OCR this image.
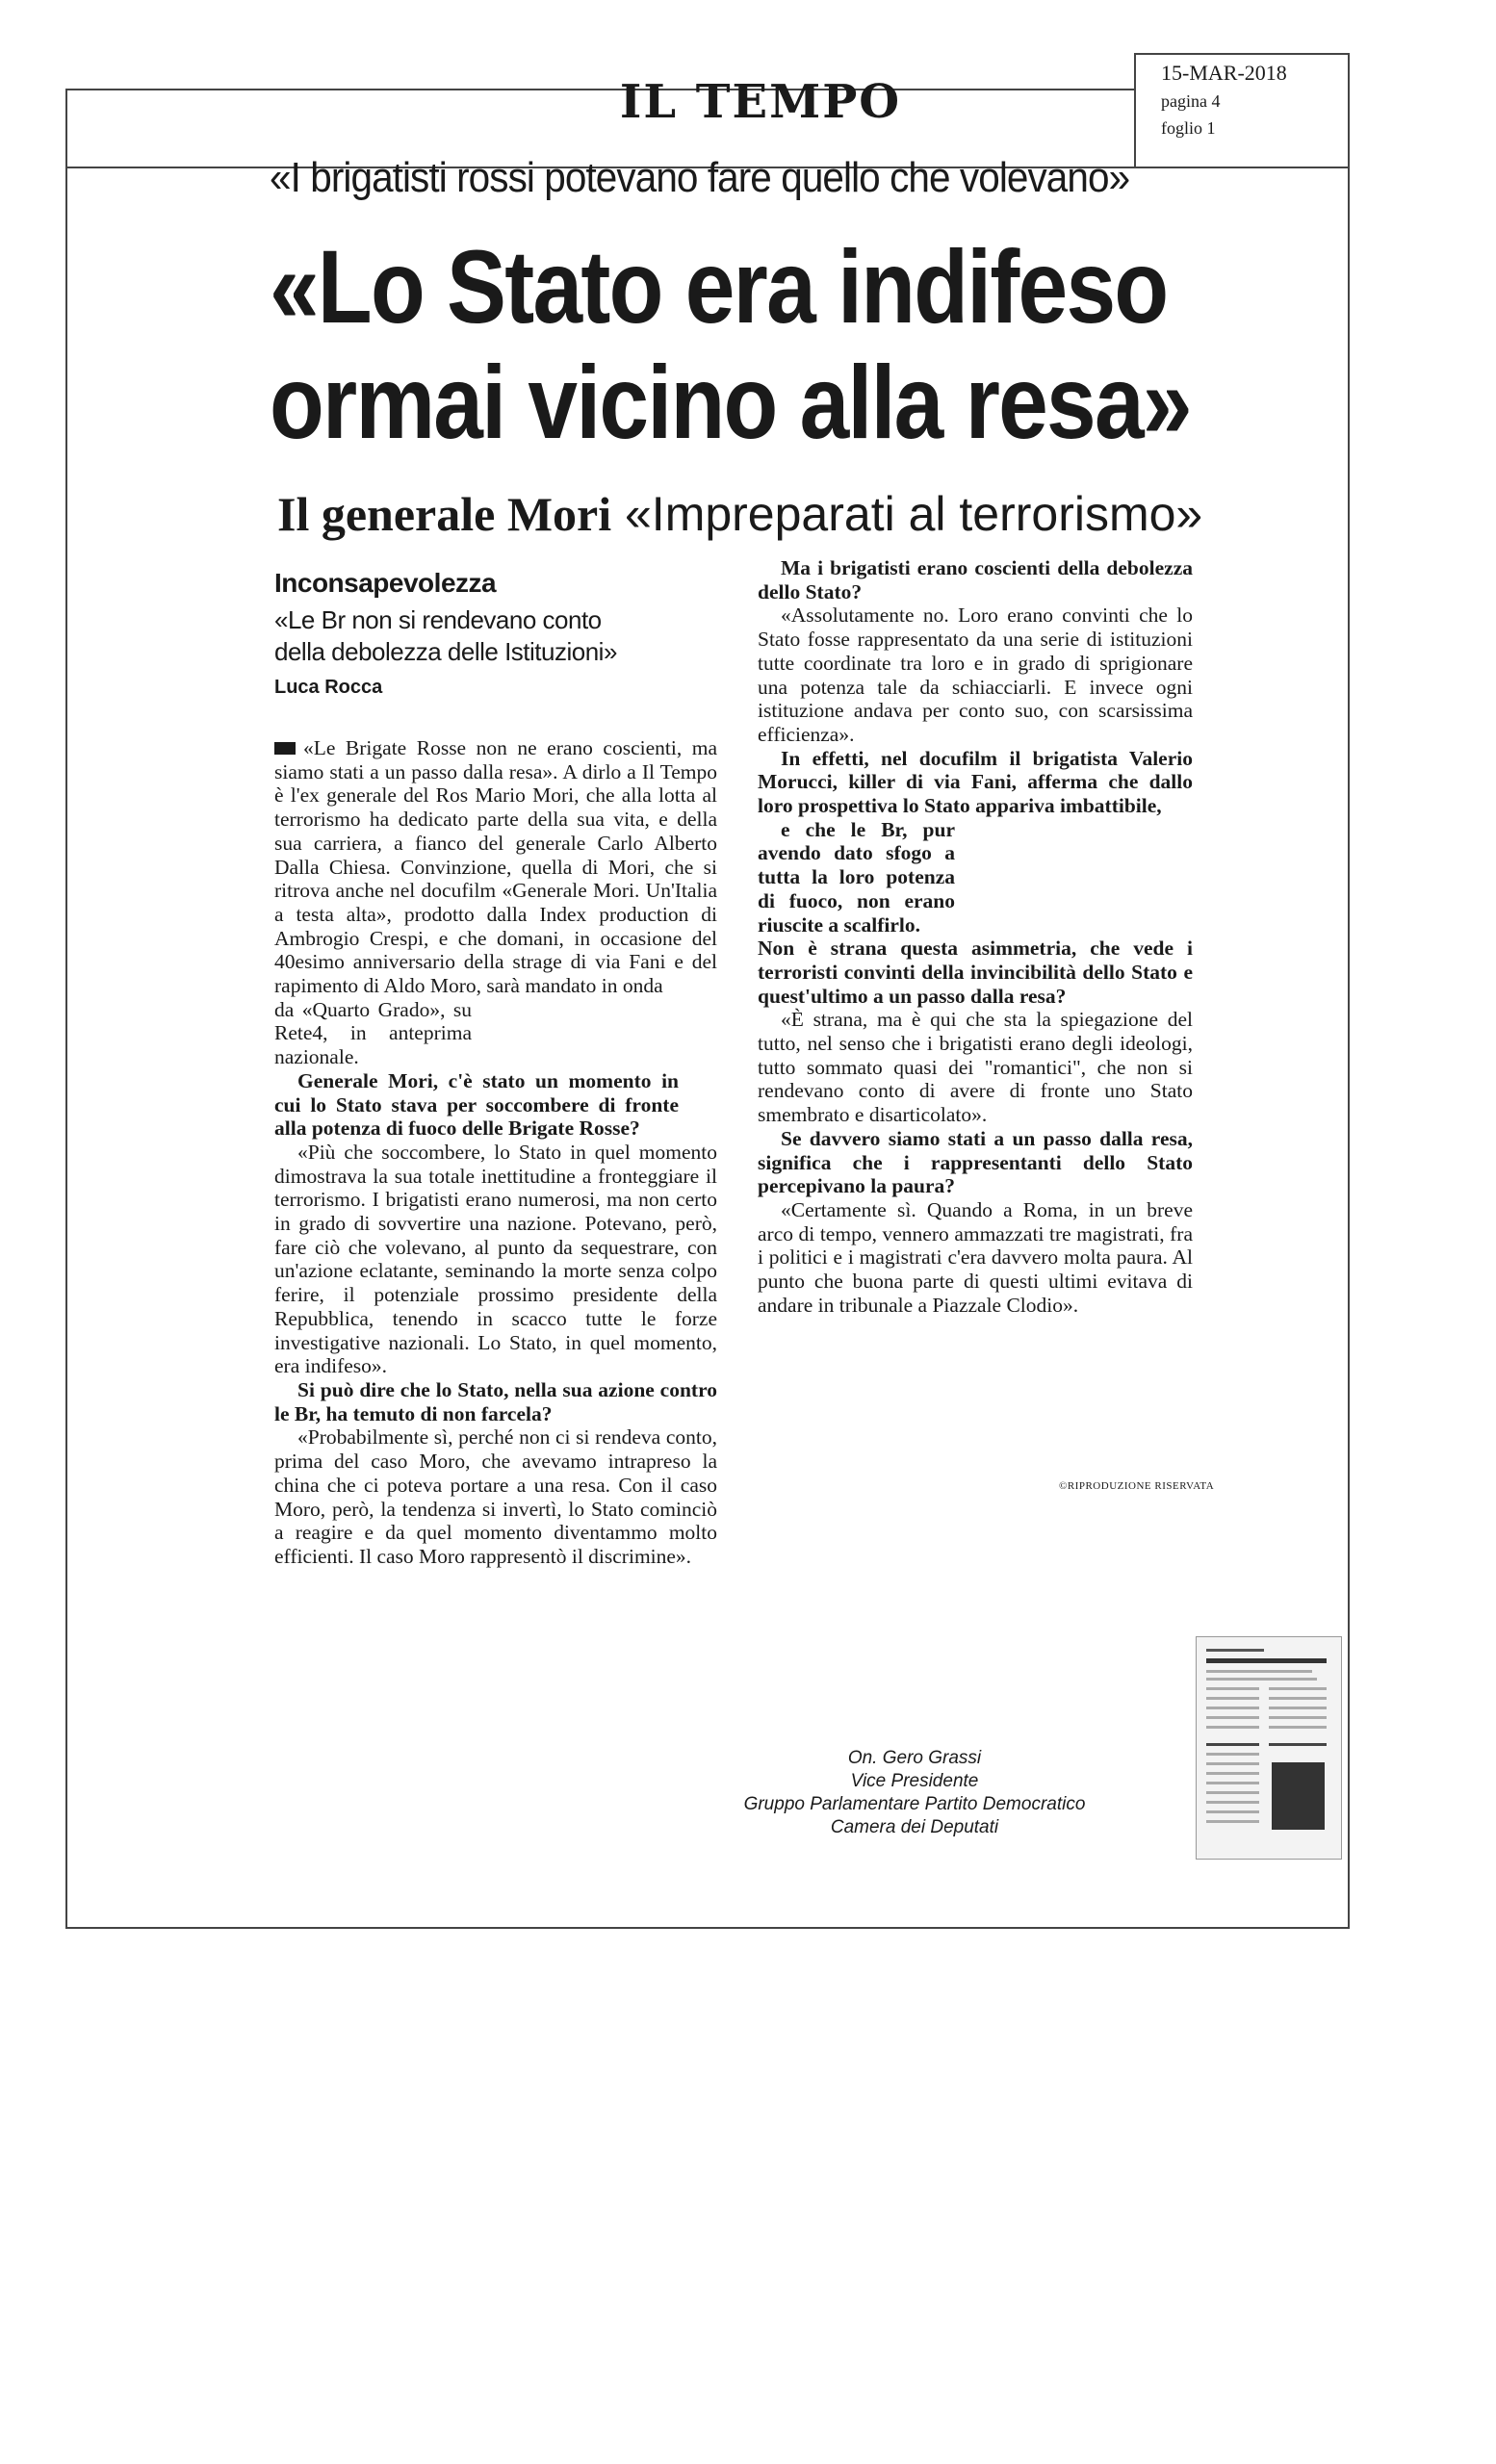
IL TEMPO
15-MAR-2018
pagina 4
foglio 1
«I brigatisti rossi potevano fare quello che volevano»
«Lo Stato era indifeso
ormai vicino alla resa»
Il generale Mori «Impreparati al terrorismo»
Inconsapevolezza
«Le Br non si rendevano conto
della debolezza delle Istituzioni»
Luca Rocca

«Le Brigate Rosse non ne erano coscienti, ma siamo stati a un passo dalla resa». A dirlo a Il Tempo è l'ex generale del Ros Mario Mori, che alla lotta al terrorismo ha dedicato parte della sua vita, e della sua carriera, a fianco del generale Carlo Alberto Dalla Chiesa. Convinzione, quella di Mori, che si ritrova anche nel docufilm «Generale Mori. Un'Italia a testa alta», prodotto dalla Index production di Ambrogio Crespi, e che domani, in occasione del 40esimo anniversario della strage di via Fani e del rapimento di Aldo Moro, sarà mandato in onda

da «Quarto Grado», su Rete4, in anteprima nazionale.

Generale Mori, c'è stato un momento in cui lo Stato stava per soccombere di fronte alla potenza di fuoco delle Brigate Rosse?

«Più che soccombere, lo Stato in quel momento dimostrava la sua totale inettitudine a fronteggiare il terrorismo. I brigatisti erano numerosi, ma non certo in grado di sovvertire una nazione. Potevano, però, fare ciò che volevano, al punto da sequestrare, con un'azione eclatante, seminando la morte senza colpo ferire, il potenziale prossimo presidente della Repubblica, tenendo in scacco tutte le forze investigative nazionali. Lo Stato, in quel momento, era indifeso».

Si può dire che lo Stato, nella sua azione contro le Br, ha temuto di non farcela?

«Probabilmente sì, perché non ci si rendeva conto, prima del caso Moro, che avevamo intrapreso la china che ci poteva portare a una resa. Con il caso Moro, però, la tendenza si invertì, lo Stato cominciò a reagire e da quel momento diventammo molto efficienti. Il caso Moro rappresentò il discrimine».

Ma i brigatisti erano coscienti della debolezza dello Stato?

«Assolutamente no. Loro erano convinti che lo Stato fosse rappresentato da una serie di istituzioni tutte coordinate tra loro e in grado di sprigionare una potenza tale da schiacciarli. E invece ogni istituzione andava per conto suo, con scarsissima efficienza».

In effetti, nel docufilm il brigatista Valerio Morucci, killer di via Fani, afferma che dallo loro prospettiva lo Stato appariva imbattibile,

e che le Br, pur avendo dato sfogo a tutta la loro potenza di fuoco, non erano riuscite a scalfirlo.

Non è strana questa asimmetria, che vede i terroristi convinti della invincibilità dello Stato e quest'ultimo a un passo dalla resa?

«È strana, ma è qui che sta la spiegazione del tutto, nel senso che i brigatisti erano degli ideologi, tutto sommato quasi dei "romantici", che non si rendevano conto di avere di fronte uno Stato smembrato e disarticolato».

Se davvero siamo stati a un passo dalla resa, significa che i rappresentanti dello Stato percepivano la paura?

«Certamente sì. Quando a Roma, in un breve arco di tempo, vennero ammazzati tre magistrati, fra i politici e i magistrati c'era davvero molta paura. Al punto che buona parte di questi ultimi evitava di andare in tribunale a Piazzale Clodio».

©RIPRODUZIONE RISERVATA
On. Gero Grassi
Vice Presidente
Gruppo Parlamentare Partito Democratico
Camera dei Deputati
